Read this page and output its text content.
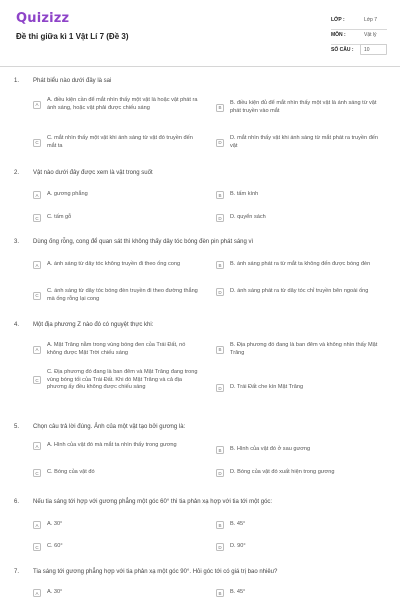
Quizizz
Đề thi giữa kì 1 Vật Lí 7 (Đề 3)
LỚP :	Lớp 7
MÔN :	Vật lý
SỐ CÂU : 10
1. Phát biểu nào dưới đây là sai
A
A. điều kiện cần để mắt nhìn thấy một vật là hoặc vật phát ra ánh sáng, hoặc vật phải được chiếu sáng	B
B. điều kiện đủ để mắt nhìn thấy một vật là ánh sáng từ vật phát truyền vào mắt
C
C. mắt nhìn thấy một vật khi ánh sáng từ vật đó truyền đến mắt ta	D
D. mắt nhìn thấy vật khi ánh sáng từ mắt phát ra truyền đến vật
2. Vật nào dưới đây được xem là vật trong suốt
A	A. gương phẳng	B	B. tấm kính
C	C. tấm gỗ	D	D. quyển sách
3. Dùng ống rỗng, cong để quan sát thì không thấy dây tóc bóng đèn pin phát sáng vì
A	A. ánh sáng từ dây tóc không truyền đi theo ống cong	B	B. ánh sáng phát ra từ mắt ta không đến được bóng đèn
C
C. ánh sáng từ dây tóc bóng đèn truyền đi theo đường thẳng mà ống rỗng lại cong
D	D. ánh sáng phát ra từ dây tóc chỉ truyền bên ngoài ống
4. Một địa phương Z nào đó có nguyệt thực khi:
A
A. Mặt Trăng nằm trong vùng bóng đen của Trái Đất, nó không được Mặt Trời chiếu sáng	B
B. Địa phương đó đang là ban đêm và không nhìn thấy Mặt Trăng
C
C. Địa phương đó đang là ban đêm và Mặt Trăng đang trong vùng bóng tối của Trái Đất. Khi đó Mặt Trăng và cả địa phương ấy đều không được chiếu sáng	D	D. Trái Đất che kín Mặt Trăng
5. Chọn câu trả lời đúng. Ảnh của một vật tạo bởi gương là:
A	A. Hình của vật đó mà mắt ta nhìn thấy trong gương
B	B. Hình của vật đó ở sau gương
C	C. Bóng của vật đó	D	D. Bóng của vật đó xuất hiện trong gương
6. Nếu tia sáng tới hợp với gương phẳng một góc 60° thì tia phản xạ hợp với tia tới một góc:
A	A. 30°	B	B. 45°
C	C. 60°	D	D. 90°
7. Tia sáng tới gương phẳng hợp với tia phản xạ một góc 90°. Hỏi góc tới có giá trị bao nhiêu?
A	A. 30°	B	B. 45°
